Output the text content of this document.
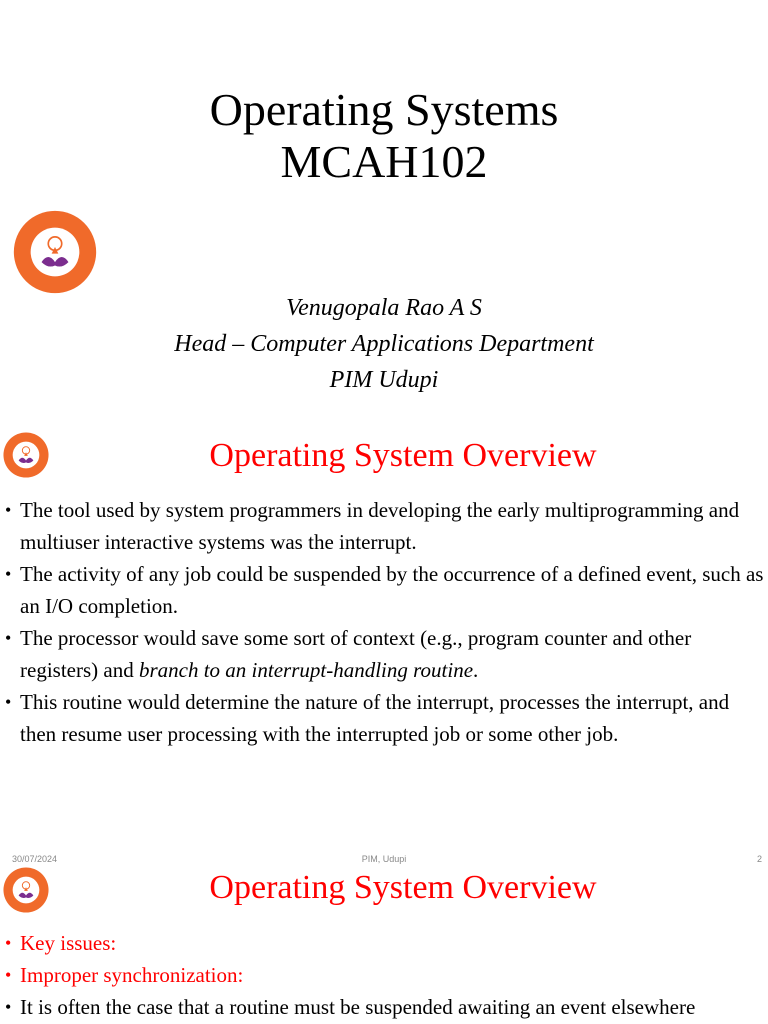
Operating Systems
MCAH102
Venugopala Rao A S
Head – Computer Applications Department
PIM Udupi
Operating System Overview
• The tool used by system programmers in developing the early multiprogramming and multiuser interactive systems was the interrupt.
• The activity of any job could be suspended by the occurrence of a defined event, such as an I/O completion.
• The processor would save some sort of context (e.g., program counter and other registers) and branch to an interrupt-handling routine.
• This routine would determine the nature of the interrupt, processes the interrupt, and then resume user processing with the interrupted job or some other job.
30/07/2024	PIM, Udupi	2
Operating System Overview
• Key issues:
• Improper synchronization:
• It is often the case that a routine must be suspended awaiting an event elsewhere
